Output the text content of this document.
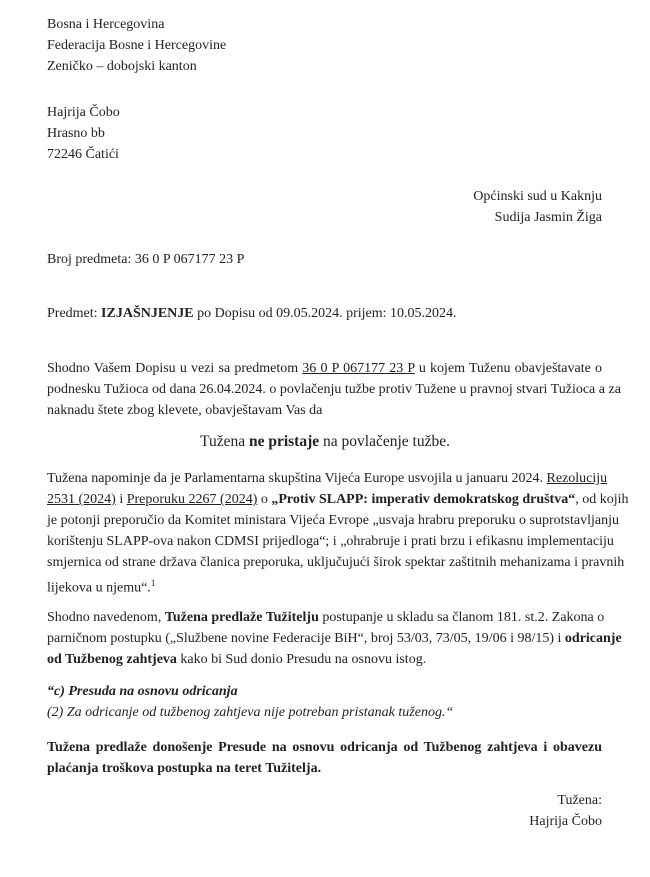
Bosna i Hercegovina
Federacija Bosne i Hercegovine
Zeničko – dobojski kanton
Hajrija Čobo
Hrasno bb
72246 Čatići
Općinski sud u Kaknju
Sudija Jasmin Žiga
Broj predmeta: 36 0 P 067177 23 P
Predmet: IZJAŠNJENJE po Dopisu od 09.05.2024. prijem: 10.05.2024.
Shodno Vašem Dopisu u vezi sa predmetom 36 0 P 067177 23 P u kojem Tuženu obavještavate o
podnesku Tužioca od dana 26.04.2024. o povlačenju tužbe protiv Tužene u pravnoj stvari Tužioca a za
naknadu štete zbog klevete, obavještavam Vas da
Tužena ne pristaje na povlačenje tužbe.
Tužena napominje da je Parlamentarna skupština Vijeća Europe usvojila u januaru 2024. Rezoluciju
2531 (2024) i Preporuku 2267 (2024) o „Protiv SLAPP: imperativ demokratskog društva“, od kojih
je potonji preporučio da Komitet ministara Vijeća Evrope „usvaja hrabru preporuku o suprotstavljanju
korištenju SLAPP-ova nakon CDMSI prijedloga“; i „ohrabruje i prati brzu i efikasnu implementaciju
smjernica od strane država članica preporuka, uključujući širok spektar zaštitnih mehanizama i pravnih
lijekova u njemu“.$^1$
Shodno navedenom, Tužena predlaže Tužitelju postupanje u skladu sa članom 181. st.2. Zakona o
parničnom postupku („Službene novine Federacije BiH“, broj 53/03, 73/05, 19/06 i 98/15) i odricanje
od Tužbenog zahtjeva kako bi Sud donio Presudu na osnovu istog.
“c) Presuda na osnovu odricanja
(2) Za odricanje od tužbenog zahtjeva nije potreban pristanak tuženog.“
Tužena predlaže donošenje Presude na osnovu odricanja od Tužbenog zahtjeva i obavezu
plaćanja troškova postupka na teret Tužitelja.
Tužena:
Hajrija Čobo
